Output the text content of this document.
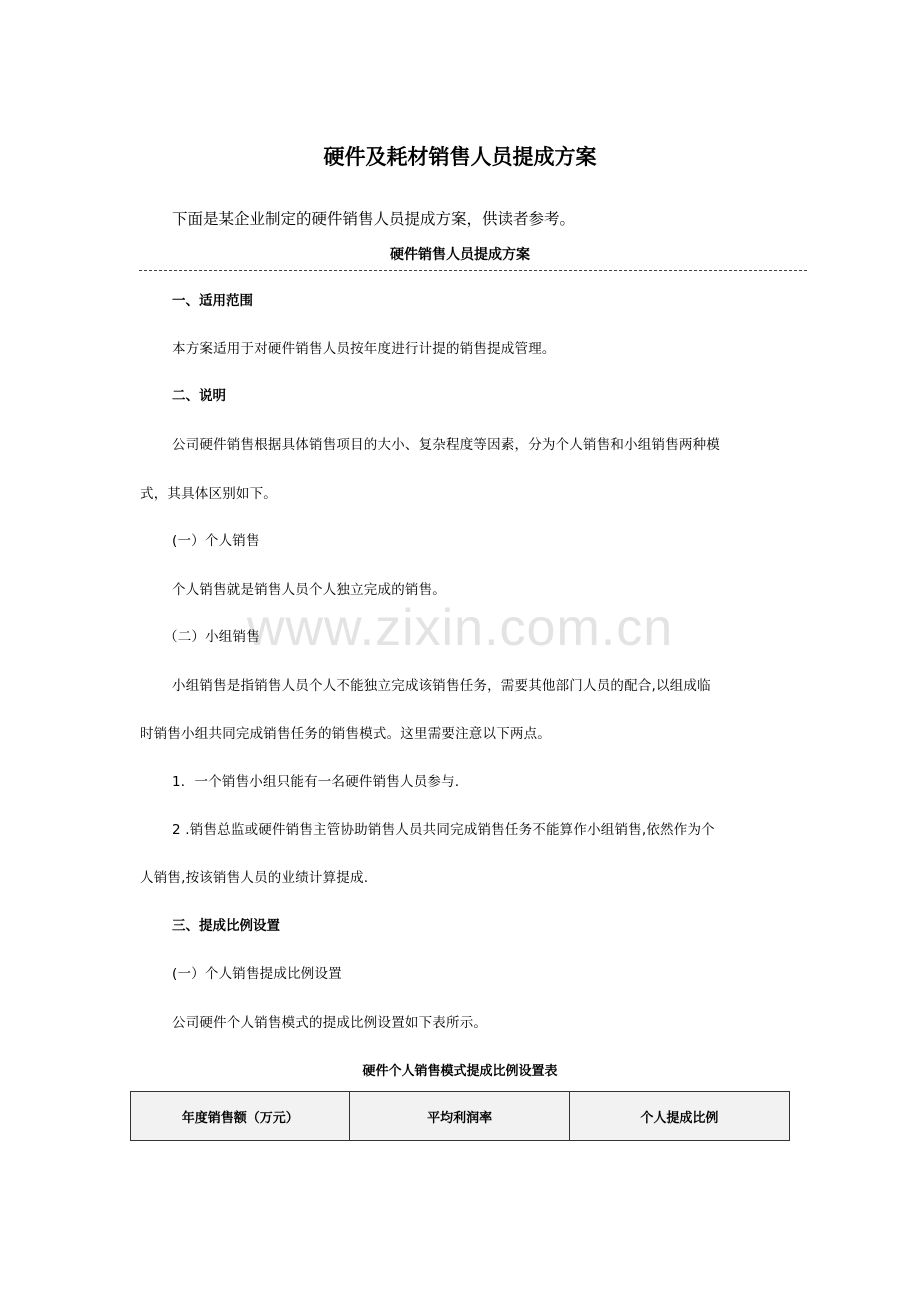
硬件及耗材销售人员提成方案
下面是某企业制定的硬件销售人员提成方案，供读者参考。
硬件销售人员提成方案
一、适用范围
本方案适用于对硬件销售人员按年度进行计提的销售提成管理。
二、说明
公司硬件销售根据具体销售项目的大小、复杂程度等因素，分为个人销售和小组销售两种模
式，其具体区别如下。
(一）个人销售
个人销售就是销售人员个人独立完成的销售。
www.zixin.com.cn
（二）小组销售
小组销售是指销售人员个人不能独立完成该销售任务，需要其他部门人员的配合,以组成临
时销售小组共同完成销售任务的销售模式。这里需要注意以下两点。
1．一个销售小组只能有一名硬件销售人员参与.
2 .销售总监或硬件销售主管协助销售人员共同完成销售任务不能算作小组销售,依然作为个
人销售,按该销售人员的业绩计算提成.
三、提成比例设置
(一）个人销售提成比例设置
公司硬件个人销售模式的提成比例设置如下表所示。
硬件个人销售模式提成比例设置表
年度销售额（万元）	平均利润率	个人提成比例
